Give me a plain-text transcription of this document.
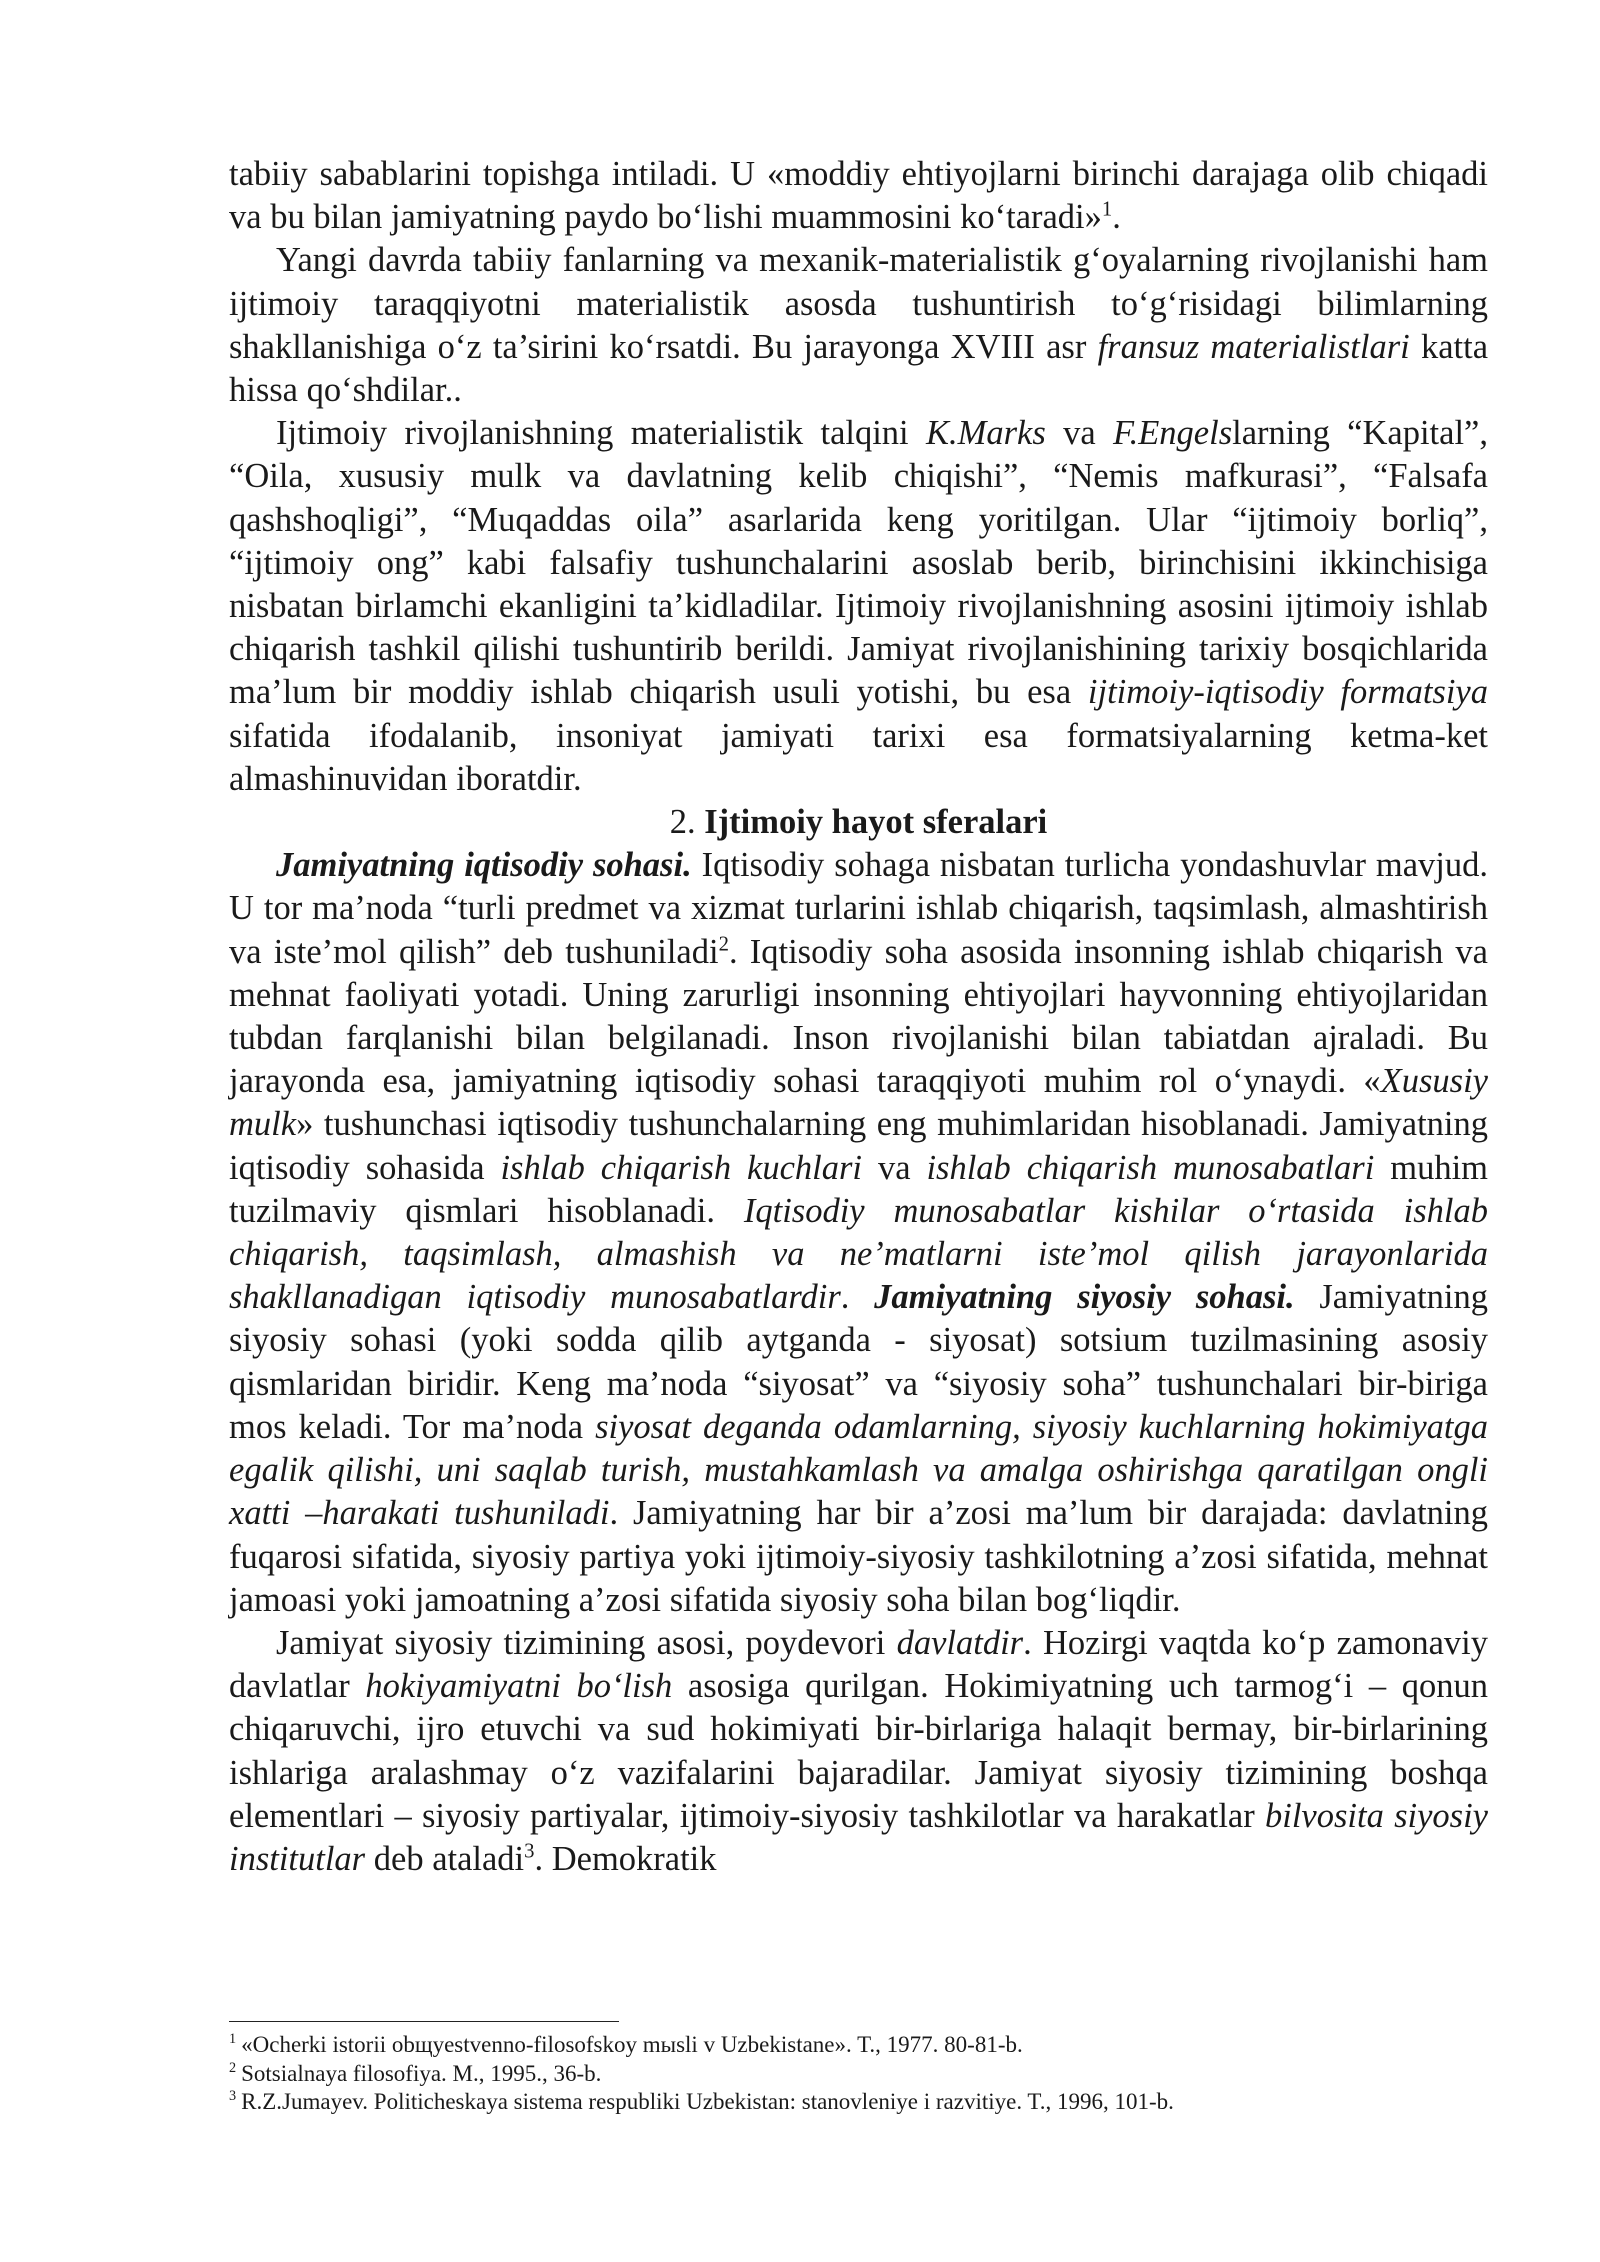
tabiiy sabablarini topishga intiladi. U «moddiy ehtiyojlarni birinchi darajaga olib chiqadi va bu bilan jamiyatning paydo bo‘lishi muammosini ko‘taradi»$^1$.

Yangi davrda tabiiy fanlarning va mexanik-materialistik g‘oyalarning rivojlanishi ham ijtimoiy taraqqiyotni materialistik asosda tushuntirish to‘g‘risidagi bilimlarning shakllanishiga o‘z ta’sirini ko‘rsatdi. Bu jarayonga XVIII asr fransuz materialistlari katta hissa qo‘shdilar..

Ijtimoiy rivojlanishning materialistik talqini K.Marks va F.Engelslarning “Kapital”, “Oila, xususiy mulk va davlatning kelib chiqishi”, “Nemis mafkurasi”, “Falsafa qashshoqligi”, “Muqaddas oila” asarlarida keng yoritilgan. Ular “ijtimoiy borliq”, “ijtimoiy ong” kabi falsafiy tushunchalarini asoslab berib, birinchisini ikkinchisiga nisbatan birlamchi ekanligini ta’kidladilar. Ijtimoiy rivojlanishning asosini ijtimoiy ishlab chiqarish tashkil qilishi tushuntirib berildi. Jamiyat rivojlanishining tarixiy bosqichlarida ma’lum bir moddiy ishlab chiqarish usuli yotishi, bu esa ijtimoiy-iqtisodiy formatsiya sifatida ifodalanib, insoniyat jamiyati tarixi esa formatsiyalarning ketma-ket almashinuvidan iboratdir.

2. Ijtimoiy hayot sferalari

Jamiyatning iqtisodiy sohasi. Iqtisodiy sohaga nisbatan turlicha yondashuvlar mavjud. U tor ma’noda “turli predmet va xizmat turlarini ishlab chiqarish, taqsimlash, almashtirish va iste’mol qilish” deb tushuniladi$^2$. Iqtisodiy soha asosida insonning ishlab chiqarish va mehnat faoliyati yotadi. Uning zarurligi insonning ehtiyojlari hayvonning ehtiyojlaridan tubdan farqlanishi bilan belgilanadi. Inson rivojlanishi bilan tabiatdan ajraladi. Bu jarayonda esa, jamiyatning iqtisodiy sohasi taraqqiyoti muhim rol o‘ynaydi. «Xususiy mulk» tushunchasi iqtisodiy tushunchalarning eng muhimlaridan hisoblanadi. Jamiyatning iqtisodiy sohasida ishlab chiqarish kuchlari va ishlab chiqarish munosabatlari muhim tuzilmaviy qismlari hisoblanadi. Iqtisodiy munosabatlar kishilar o‘rtasida ishlab chiqarish, taqsimlash, almashish va ne’matlarni iste’mol qilish jarayonlarida shakllanadigan iqtisodiy munosabatlardir. Jamiyatning siyosiy sohasi. Jamiyatning siyosiy sohasi (yoki sodda qilib aytganda - siyosat) sotsium tuzilmasining asosiy qismlaridan biridir. Keng ma’noda “siyosat” va “siyosiy soha” tushunchalari bir-biriga mos keladi. Tor ma’noda siyosat deganda odamlarning, siyosiy kuchlarning hokimiyatga egalik qilishi, uni saqlab turish, mustahkamlash va amalga oshirishga qaratilgan ongli xatti –harakati tushuniladi. Jamiyatning har bir a’zosi ma’lum bir darajada: davlatning fuqarosi sifatida, siyosiy partiya yoki ijtimoiy-siyosiy tashkilotning a’zosi sifatida, mehnat jamoasi yoki jamoatning a’zosi sifatida siyosiy soha bilan bog‘liqdir.

Jamiyat siyosiy tizimining asosi, poydevori davlatdir. Hozirgi vaqtda ko‘p zamonaviy davlatlar hokiyamiyatni bo‘lish asosiga qurilgan. Hokimiyatning uch tarmog‘i – qonun chiqaruvchi, ijro etuvchi va sud hokimiyati bir-birlariga halaqit bermay, bir-birlarining ishlariga aralashmay o‘z vazifalarini bajaradilar. Jamiyat siyosiy tizimining boshqa elementlari – siyosiy partiyalar, ijtimoiy-siyosiy tashkilotlar va harakatlar bilvosita siyosiy institutlar deb ataladi$^3$. Demokratik

$^1$ «Ocherki istorii obщyestvenno-filosofskoy mыsli v Uzbekistane». T., 1977. 80-81-b.

$^2$ Sotsialnaya filosofiya. M., 1995., 36-b.

$^3$ R.Z.Jumayev. Politicheskaya sistema respubliki Uzbekistan: stanovleniye i razvitiye. T., 1996, 101-b.
